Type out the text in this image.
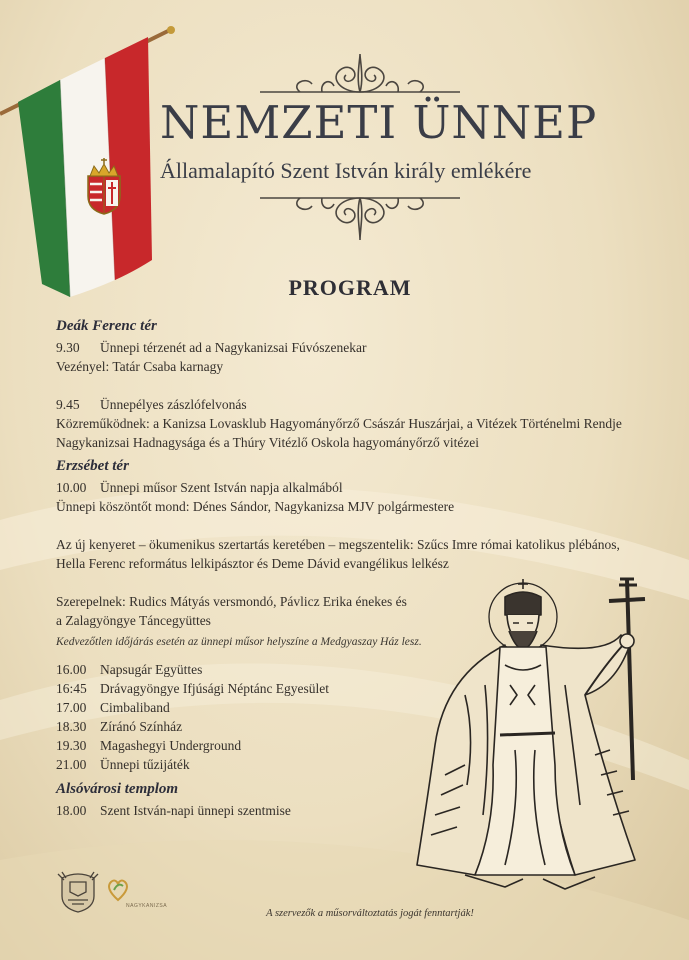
NEMZETI ÜNNEP
Államalapító Szent István király emlékére
PROGRAM
Deák Ferenc tér
9.30 Ünnepi térzenét ad a Nagykanizsai Fúvószenekar
Vezényel: Tatár Csaba karnagy
9.45 Ünnepélyes zászlófelvonás
Közreműködnek: a Kanizsa Lovasklub Hagyományőrző Császár Huszárjai, a Vitézek Történelmi Rendje
Nagykanizsai Hadnagysága és a Thúry Vitézlő Oskola hagyományőrző vitézei
Erzsébet tér
10.00 Ünnepi műsor Szent István napja alkalmából
Ünnepi köszöntőt mond: Dénes Sándor, Nagykanizsa MJV polgármestere
Az új kenyeret – ökumenikus szertartás keretében – megszentelik: Szűcs Imre római katolikus plébános,
Hella Ferenc református lelkipásztor és Deme Dávid evangélikus lelkész
Szerepelnek: Rudics Mátyás versmondó, Pávlicz Erika énekes és
a Zalagyöngye Táncegyüttes
Kedvezőtlen időjárás esetén az ünnepi műsor helyszíne a Medgyaszay Ház lesz.
16.00 Napsugár Együttes
16:45 Drávagyöngye Ifjúsági Néptánc Egyesület
17.00 Cimbaliband
18.30 Zíránó Színház
19.30 Magashegyi Underground
21.00 Ünnepi tűzijáték
Alsóvárosi templom
18.00 Szent István-napi ünnepi szentmise
NAGYKANIZSA
A szervezők a műsorváltoztatás jogát fenntartják!
